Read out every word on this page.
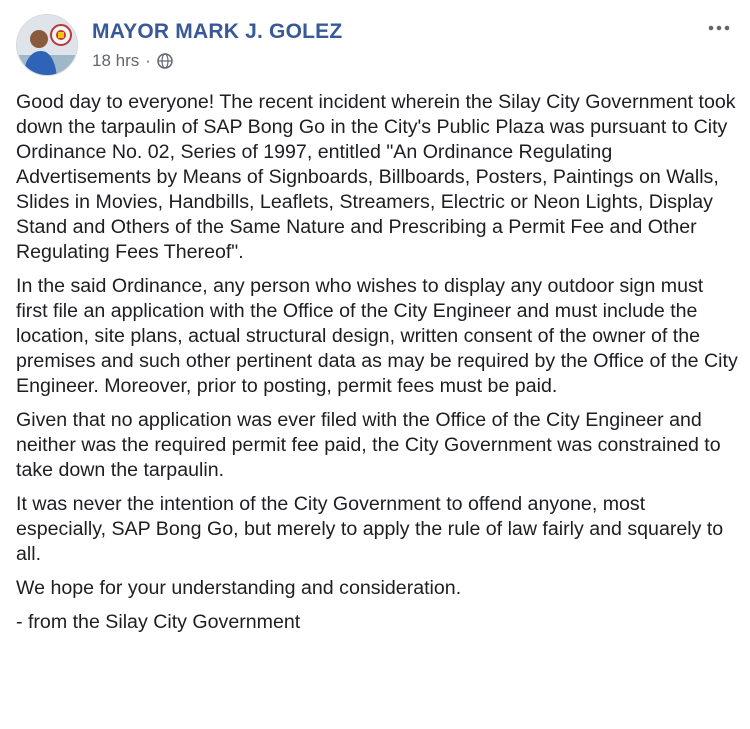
MAYOR MARK J. GOLEZ
18 hrs ·

Good day to everyone! The recent incident wherein the Silay City Government took down the tarpaulin of SAP Bong Go in the City's Public Plaza was pursuant to City Ordinance No. 02, Series of 1997, entitled "An Ordinance Regulating Advertisements by Means of Signboards, Billboards, Posters, Paintings on Walls, Slides in Movies, Handbills, Leaflets, Streamers, Electric or Neon Lights, Display Stand and Others of the Same Nature and Prescribing a Permit Fee and Other Regulating Fees Thereof".

In the said Ordinance, any person who wishes to display any outdoor sign must first file an application with the Office of the City Engineer and must include the location, site plans, actual structural design, written consent of the owner of the premises and such other pertinent data as may be required by the Office of the City Engineer. Moreover, prior to posting, permit fees must be paid.

Given that no application was ever filed with the Office of the City Engineer and neither was the required permit fee paid, the City Government was constrained to take down the tarpaulin.

It was never the intention of the City Government to offend anyone, most especially, SAP Bong Go, but merely to apply the rule of law fairly and squarely to all.

We hope for your understanding and consideration.

- from the Silay City Government
